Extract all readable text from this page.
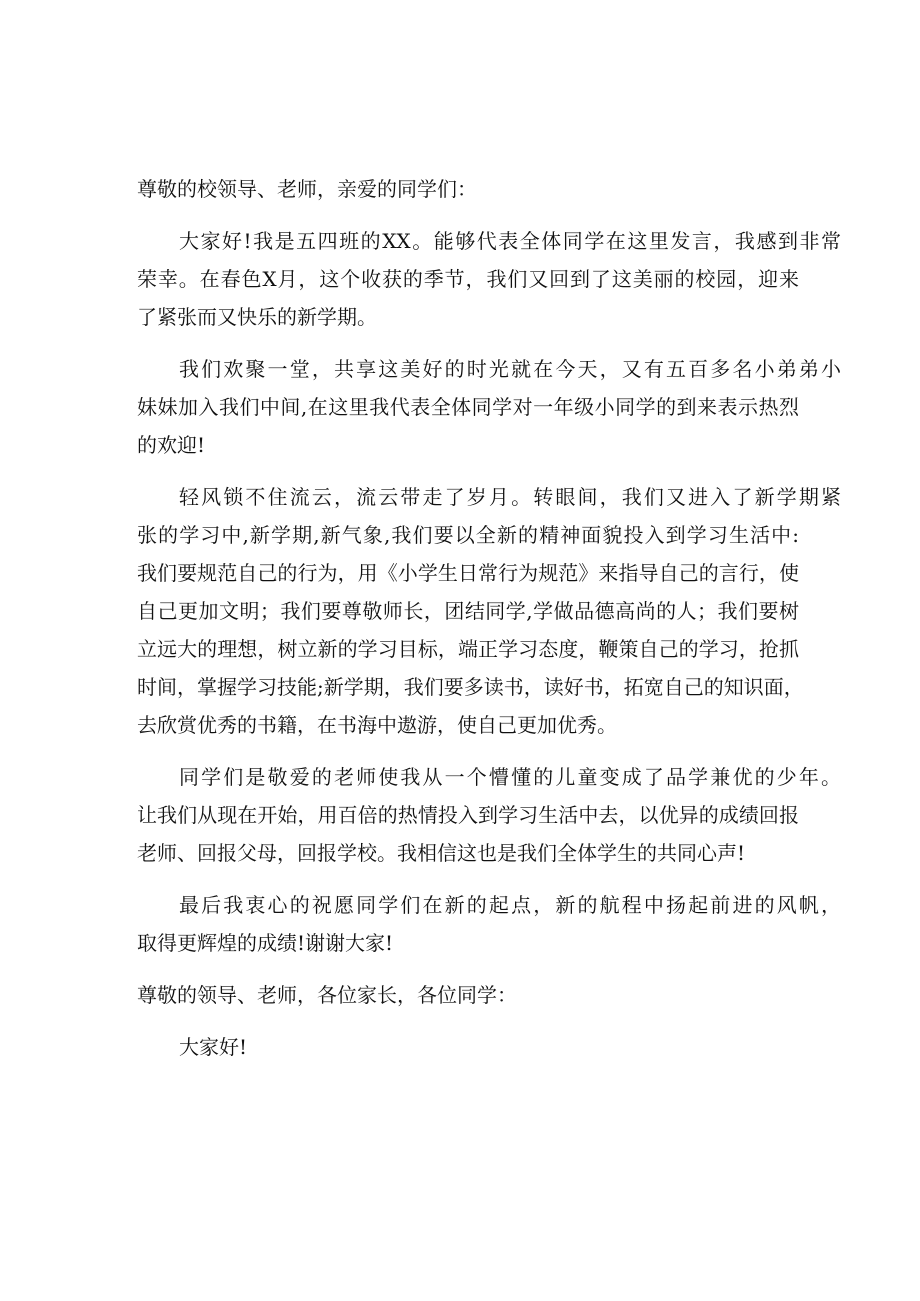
尊敬的校领导、老师，亲爱的同学们：
大家好!我是五四班的XX。能够代表全体同学在这里发言，我感到非常
荣幸。在春色X月，这个收获的季节，我们又回到了这美丽的校园，迎来
了紧张而又快乐的新学期。
我们欢聚一堂，共享这美好的时光就在今天，又有五百多名小弟弟小
妹妹加入我们中间,在这里我代表全体同学对一年级小同学的到来表示热烈
的欢迎!
轻风锁不住流云，流云带走了岁月。转眼间，我们又进入了新学期紧
张的学习中,新学期,新气象,我们要以全新的精神面貌投入到学习生活中:
我们要规范自己的行为，用《小学生日常行为规范》来指导自己的言行，使
自己更加文明；我们要尊敬师长，团结同学,学做品德高尚的人；我们要树
立远大的理想，树立新的学习目标，端正学习态度，鞭策自己的学习，抢抓
时间，掌握学习技能;新学期，我们要多读书，读好书，拓宽自己的知识面，
去欣赏优秀的书籍，在书海中遨游，使自己更加优秀。
同学们是敬爱的老师使我从一个懵懂的儿童变成了品学兼优的少年。
让我们从现在开始，用百倍的热情投入到学习生活中去，以优异的成绩回报
老师、回报父母，回报学校。我相信这也是我们全体学生的共同心声!
最后我衷心的祝愿同学们在新的起点，新的航程中扬起前进的风帆，
取得更辉煌的成绩!谢谢大家!
尊敬的领导、老师，各位家长，各位同学：
大家好!
